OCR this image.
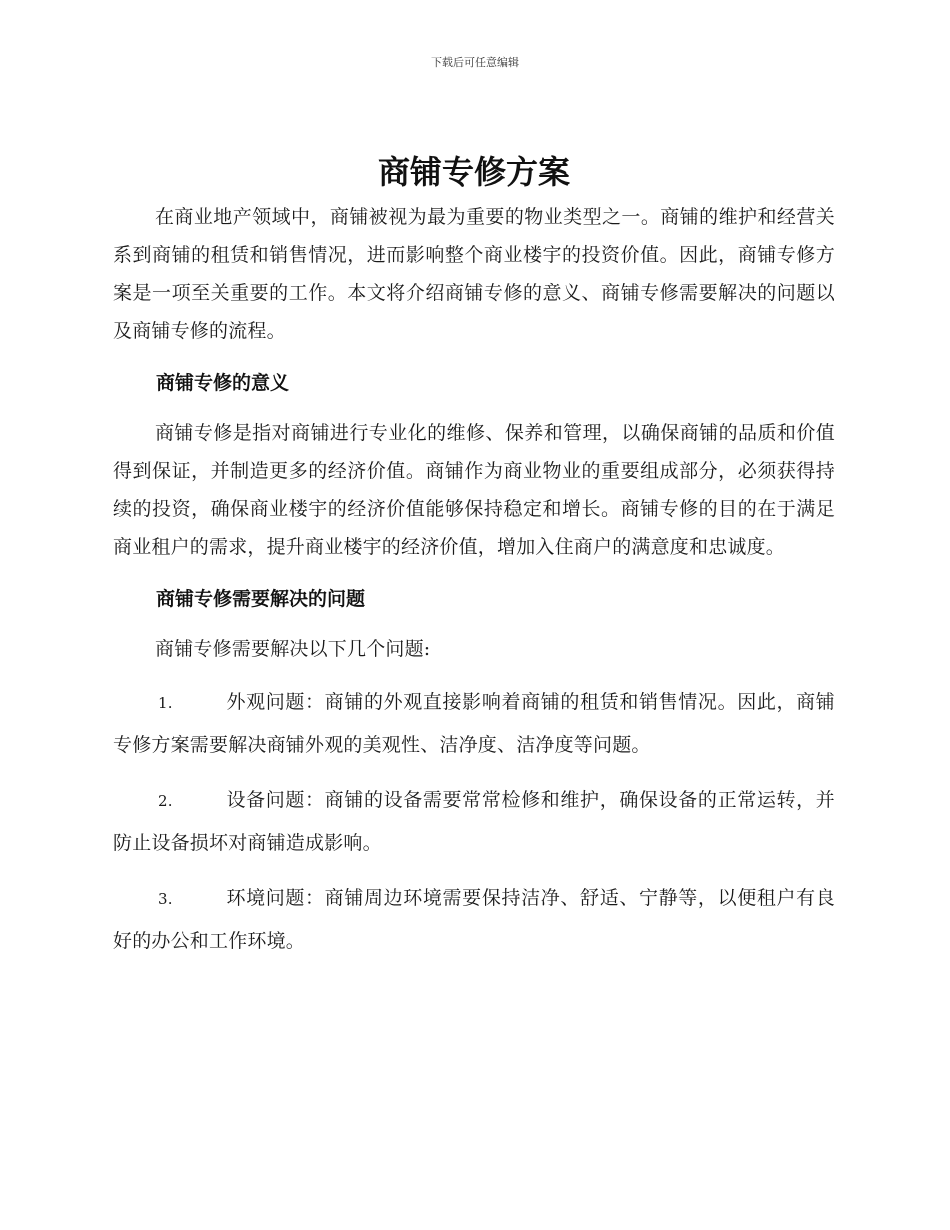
下载后可任意编辑
商铺专修方案

在商业地产领域中，商铺被视为最为重要的物业类型之一。商铺的维护和经营关系到商铺的租赁和销售情况，进而影响整个商业楼宇的投资价值。因此，商铺专修方案是一项至关重要的工作。本文将介绍商铺专修的意义、商铺专修需要解决的问题以及商铺专修的流程。

商铺专修的意义

商铺专修是指对商铺进行专业化的维修、保养和管理，以确保商铺的品质和价值得到保证，并制造更多的经济价值。商铺作为商业物业的重要组成部分，必须获得持续的投资，确保商业楼宇的经济价值能够保持稳定和增长。商铺专修的目的在于满足商业租户的需求，提升商业楼宇的经济价值，增加入住商户的满意度和忠诚度。

商铺专修需要解决的问题

商铺专修需要解决以下几个问题:

1.	外观问题：商铺的外观直接影响着商铺的租赁和销售情况。因此，商铺专修方案需要解决商铺外观的美观性、洁净度、洁净度等问题。
2.	设备问题：商铺的设备需要常常检修和维护，确保设备的正常运转，并防止设备损坏对商铺造成影响。
3.	环境问题：商铺周边环境需要保持洁净、舒适、宁静等，以便租户有良好的办公和工作环境。
